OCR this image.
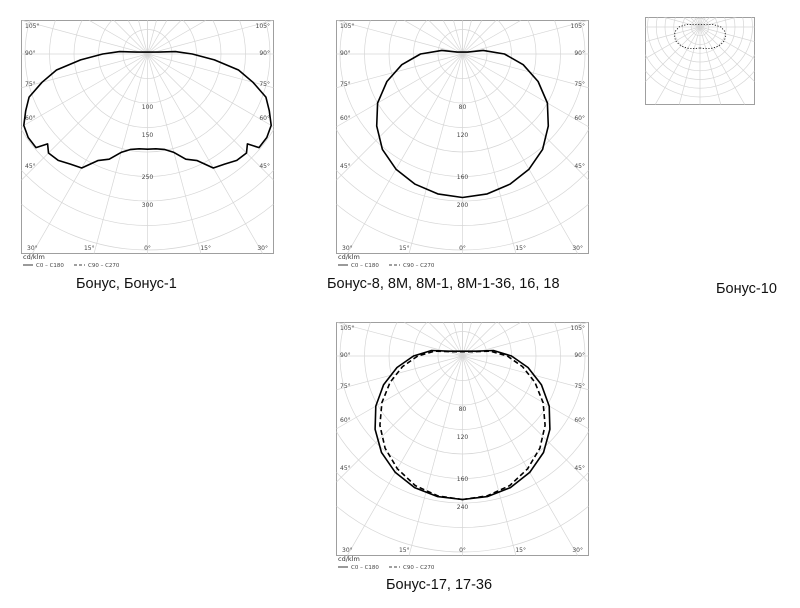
105°	105°
90°	90°
75°	75°
60°	60°
45°	45°
30°	30°
15°	15°
0°
100
150
250
300
cd/klm
C0 – C180	C90 – C270
Бонус, Бонус-1
105°	105°
90°	90°
75°	75°
60°	60°
45°	45°
30°	30°
15°	15°
0°
80
120
160
200
cd/klm
C0 – C180	C90 – C270
Бонус-8, 8М, 8М-1, 8М-1-36, 16, 18	Бонус-10
105°	105°
90°	90°
75°	75°
60°	60°
45°	45°
30°	30°
15°	15°
0°
80
120
160
240
cd/klm
C0 – C180	C90 – C270
Бонус-17, 17-36
